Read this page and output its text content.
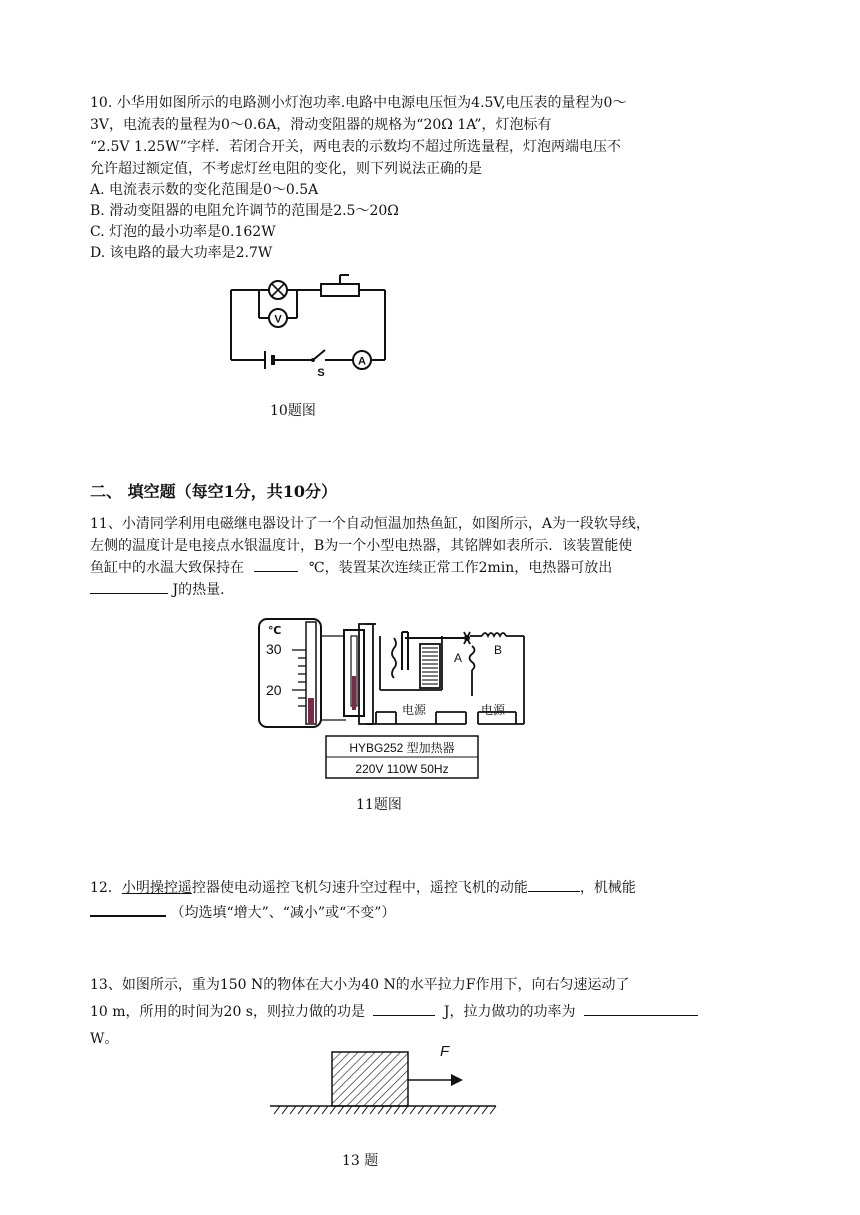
10. 小华用如图所示的电路测小灯泡功率.电路中电源电压恒为4.5V,电压表的量程为0～

3V，电流表的量程为0～0.6A，滑动变阻器的规格为“20Ω 1A”，灯泡标有

“2.5V 1.25W”字样．若闭合开关，两电表的示数均不超过所选量程，灯泡两端电压不

允许超过额定值，不考虑灯丝电阻的变化，则下列说法正确的是

A. 电流表示数的变化范围是0～0.5A
B. 滑动变阻器的电阻允许调节的范围是2.5～20Ω
C. 灯泡的最小功率是0.162W
D. 该电路的最大功率是2.7W
V
S
A
10题图
二、 填空题（每空1分，共10分）

11、小清同学利用电磁继电器设计了一个自动恒温加热鱼缸，如图所示，A为一段软导线，

左侧的温度计是电接点水银温度计，B为一个小型电热器，其铭牌如表所示．该装置能使

鱼缸中的水温大致保持在	℃，装置某次连续正常工作2min，电热器可放出

J的热量.

℃
30
20
电源
A
B
电源
HYBG252 型加热器
220V 110W 50Hz
11题图

12．小明操控遥控器使电动遥控飞机匀速升空过程中，遥控飞机的动能	，机械能

（均选填“增大”、“减小”或“不变”）

13、如图所示，重为150 N的物体在大小为40 N的水平拉力F作用下，向右匀速运动了

10 m，所用的时间为20 s，则拉力做的功是	J，拉力做功的功率为

W。

F
13 题
